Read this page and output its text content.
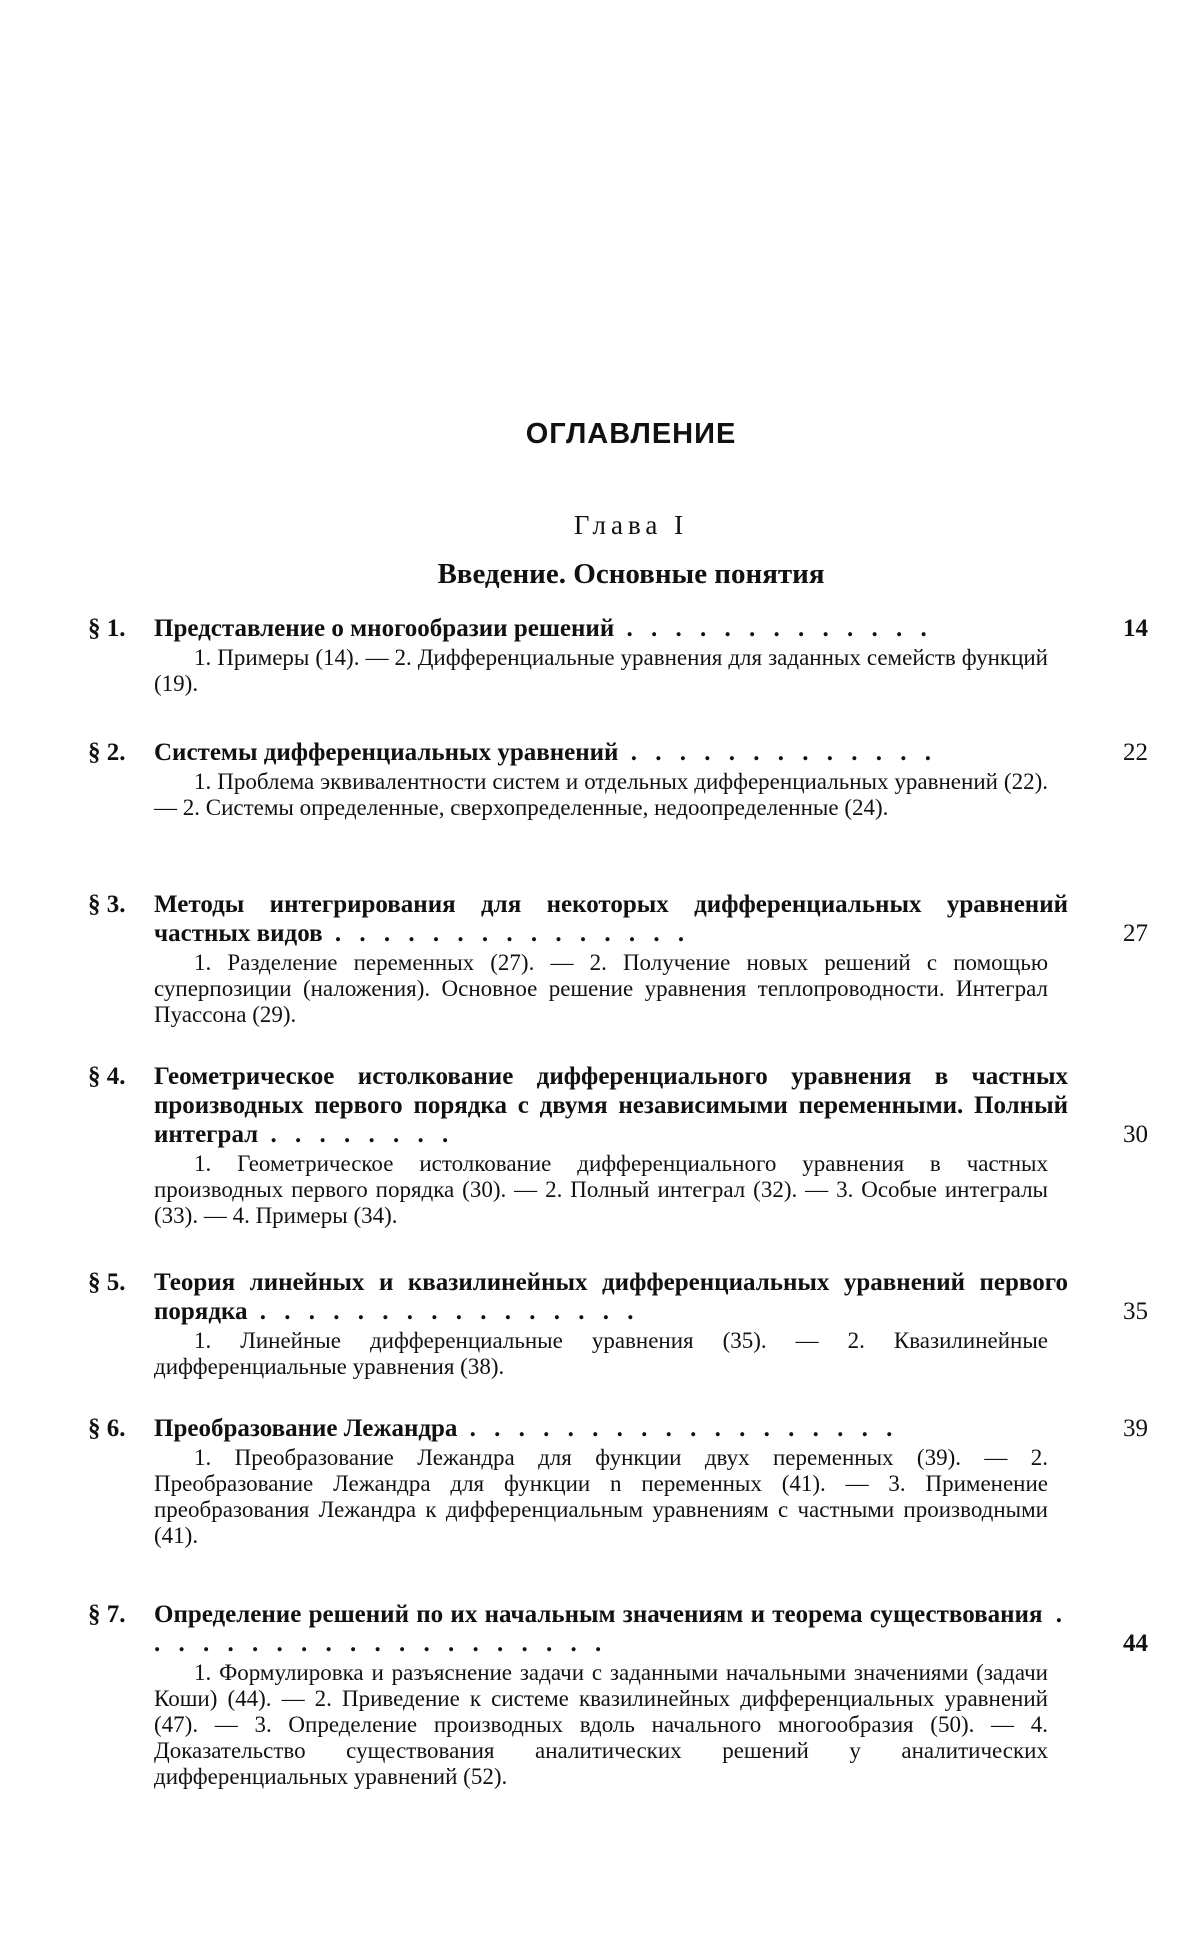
ОГЛАВЛЕНИЕ
Глава I
Введение. Основные понятия
§ 1. Представление о многообразии решений . . . . . . . . . . . . .	14
1. Примеры (14). — 2. Дифференциальные уравнения для заданных семейств функций (19).
§ 2. Системы дифференциальных уравнений . . . . . . . . . . . . .	22
1. Проблема эквивалентности систем и отдельных дифференциальных уравнений (22). — 2. Системы определенные, сверхопределенные, недоопределенные (24).
§ 3. Методы интегрирования для некоторых дифференциальных уравнений частных видов . . . . . . . . . . . . . . .	27
1. Разделение переменных (27). — 2. Получение новых решений с помощью суперпозиции (наложения). Основное решение уравнения теплопроводности. Интеграл Пуассона (29).
§ 4. Геометрическое истолкование дифференциального уравнения в частных производных первого порядка с двумя независимыми переменными. Полный интеграл . . . . . . . .	30
1. Геометрическое истолкование дифференциального уравнения в частных производных первого порядка (30). — 2. Полный интеграл (32). — 3. Особые интегралы (33). — 4. Примеры (34).
§ 5. Теория линейных и квазилинейных дифференциальных уравнений первого порядка . . . . . . . . . . . . . . . .	35
1. Линейные дифференциальные уравнения (35). — 2. Квазилинейные дифференциальные уравнения (38).
§ 6. Преобразование Лежандра . . . . . . . . . . . . . . . . . .	39
1. Преобразование Лежандра для функции двух переменных (39). — 2. Преобразование Лежандра для функции n переменных (41). — 3. Применение преобразования Лежандра к дифференциальным уравнениям с частными производными (41).
§ 7. Определение решений по их начальным значениям и теорема существования . . . . . . . . . . . . . . . . . . . .	44
1. Формулировка и разъяснение задачи с заданными начальными значениями (задачи Коши) (44). — 2. Приведение к системе квазилинейных дифференциальных уравнений (47). — 3. Определение производных вдоль начального многообразия (50). — 4. Доказательство существования аналитических решений у аналитических дифференциальных уравнений (52).
